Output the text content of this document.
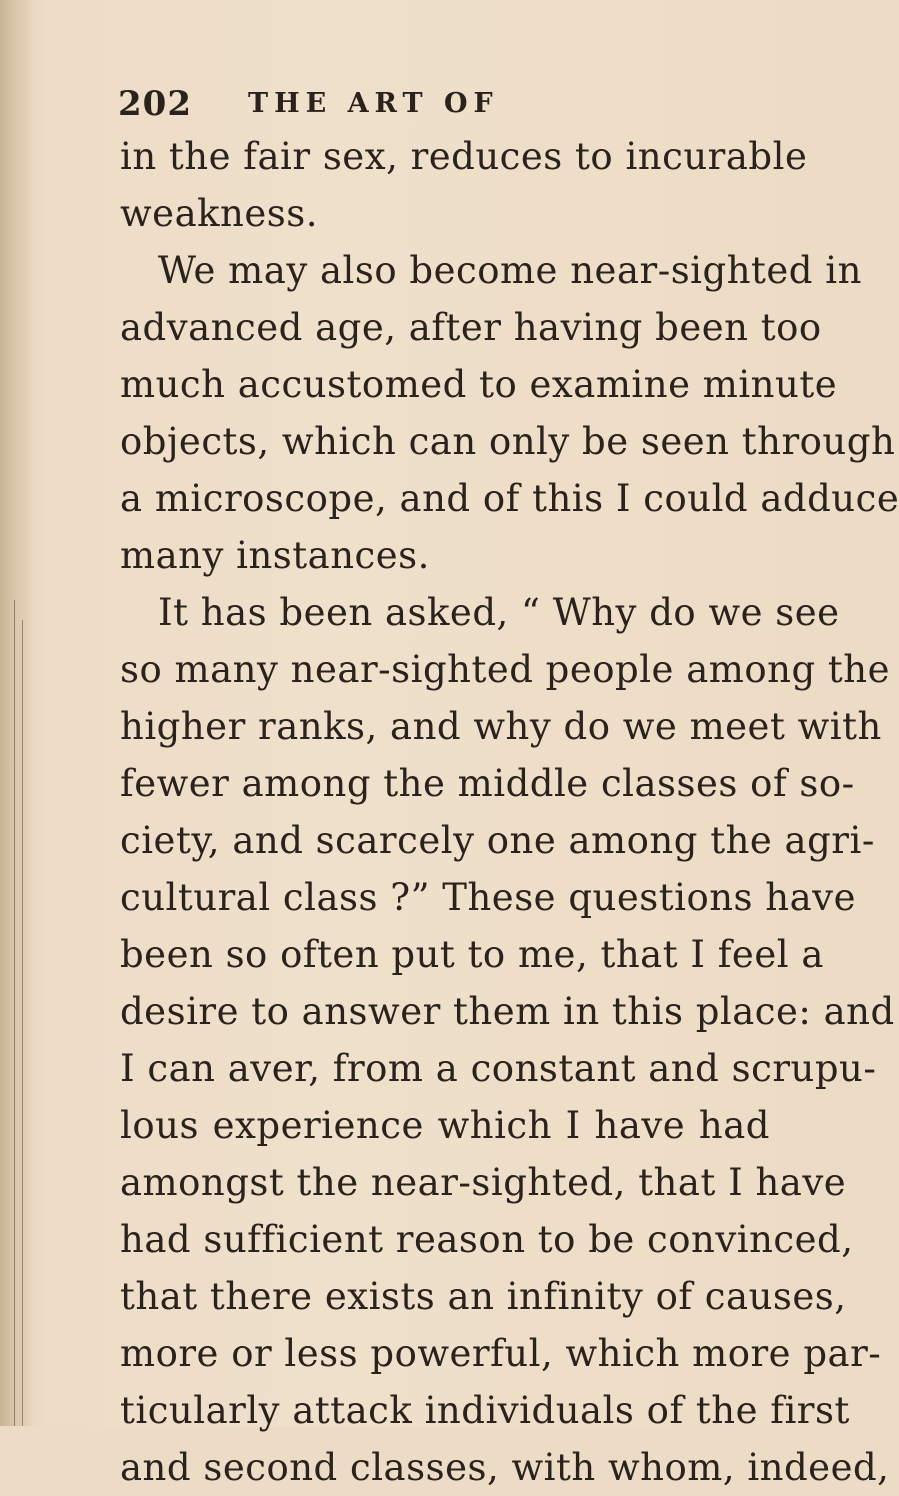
202 THE ART OF
in the fair sex, reduces to incurable
weakness.
We may also become near-sighted in
advanced age, after having been too
much accustomed to examine minute
objects, which can only be seen through
a microscope, and of this I could adduce
many instances.
It has been asked, “ Why do we see
so many near-sighted people among the
higher ranks, and why do we meet with
fewer among the middle classes of so-
ciety, and scarcely one among the agri-
cultural class ?” These questions have
been so often put to me, that I feel a
desire to answer them in this place: and
I can aver, from a constant and scrupu-
lous experience which I have had
amongst the near-sighted, that I have
had sufficient reason to be convinced,
that there exists an infinity of causes,
more or less powerful, which more par-
ticularly attack individuals of the first
and second classes, with whom, indeed,
